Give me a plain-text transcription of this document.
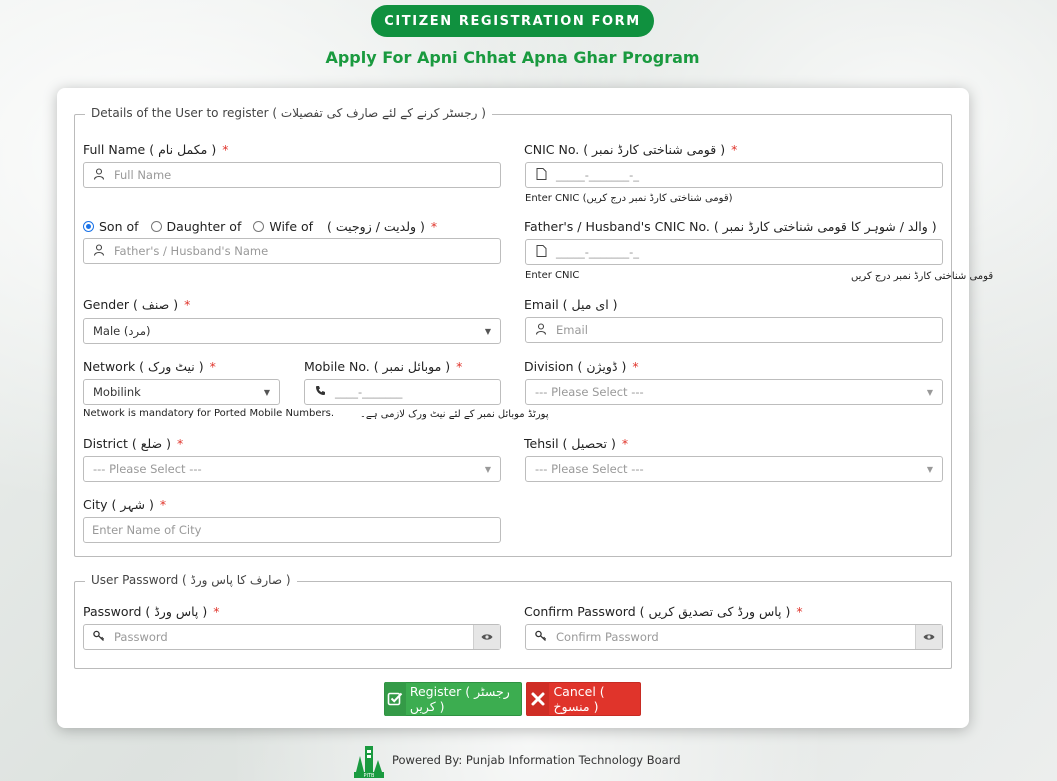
CITIZEN REGISTRATION FORM
Apply For Apni Chhat Apna Ghar Program
Details of the User to register ( رجسٹر کرنے کے لئے صارف کی تفصیلات )
Full Name ( مکمل نام ) *
Full Name
CNIC No. ( قومی شناختی کارڈ نمبر ) *
_____-_______-_
Enter CNIC (قومی شناختی کارڈ نمبر درج کریں)
Son of Daughter of Wife of ( ولدیت / زوجیت ) *
Father's / Husband's Name
Father's / Husband's CNIC No. ( والد / شوہر کا قومی شناختی کارڈ نمبر )
_____-_______-_
Enter CNIC	قومی شناختی کارڈ نمبر درج کریں
Gender ( صنف ) *
Male (مرد)	▼
Email ( ای میل )
Email
Network ( نیٹ ورک ) *
Mobilink	▼
Network is mandatory for Ported Mobile Numbers.
Mobile No. ( موبائل نمبر ) *
____-_______
پورٹڈ موبائل نمبر کے لئے نیٹ ورک لازمی ہے۔
Division ( ڈویژن ) *
--- Please Select ---	▼
District ( ضلع ) *
--- Please Select ---	▼
Tehsil ( تحصیل ) *
--- Please Select ---	▼
City ( شہر ) *
Enter Name of City
User Password ( صارف کا پاس ورڈ )
Password ( پاس ورڈ ) *
Password
Confirm Password ( پاس ورڈ کی تصدیق کریں ) *
Confirm Password
Register ( رجسٹر کریں )
Cancel ( منسوخ )
PITB
Powered By: Punjab Information Technology Board
